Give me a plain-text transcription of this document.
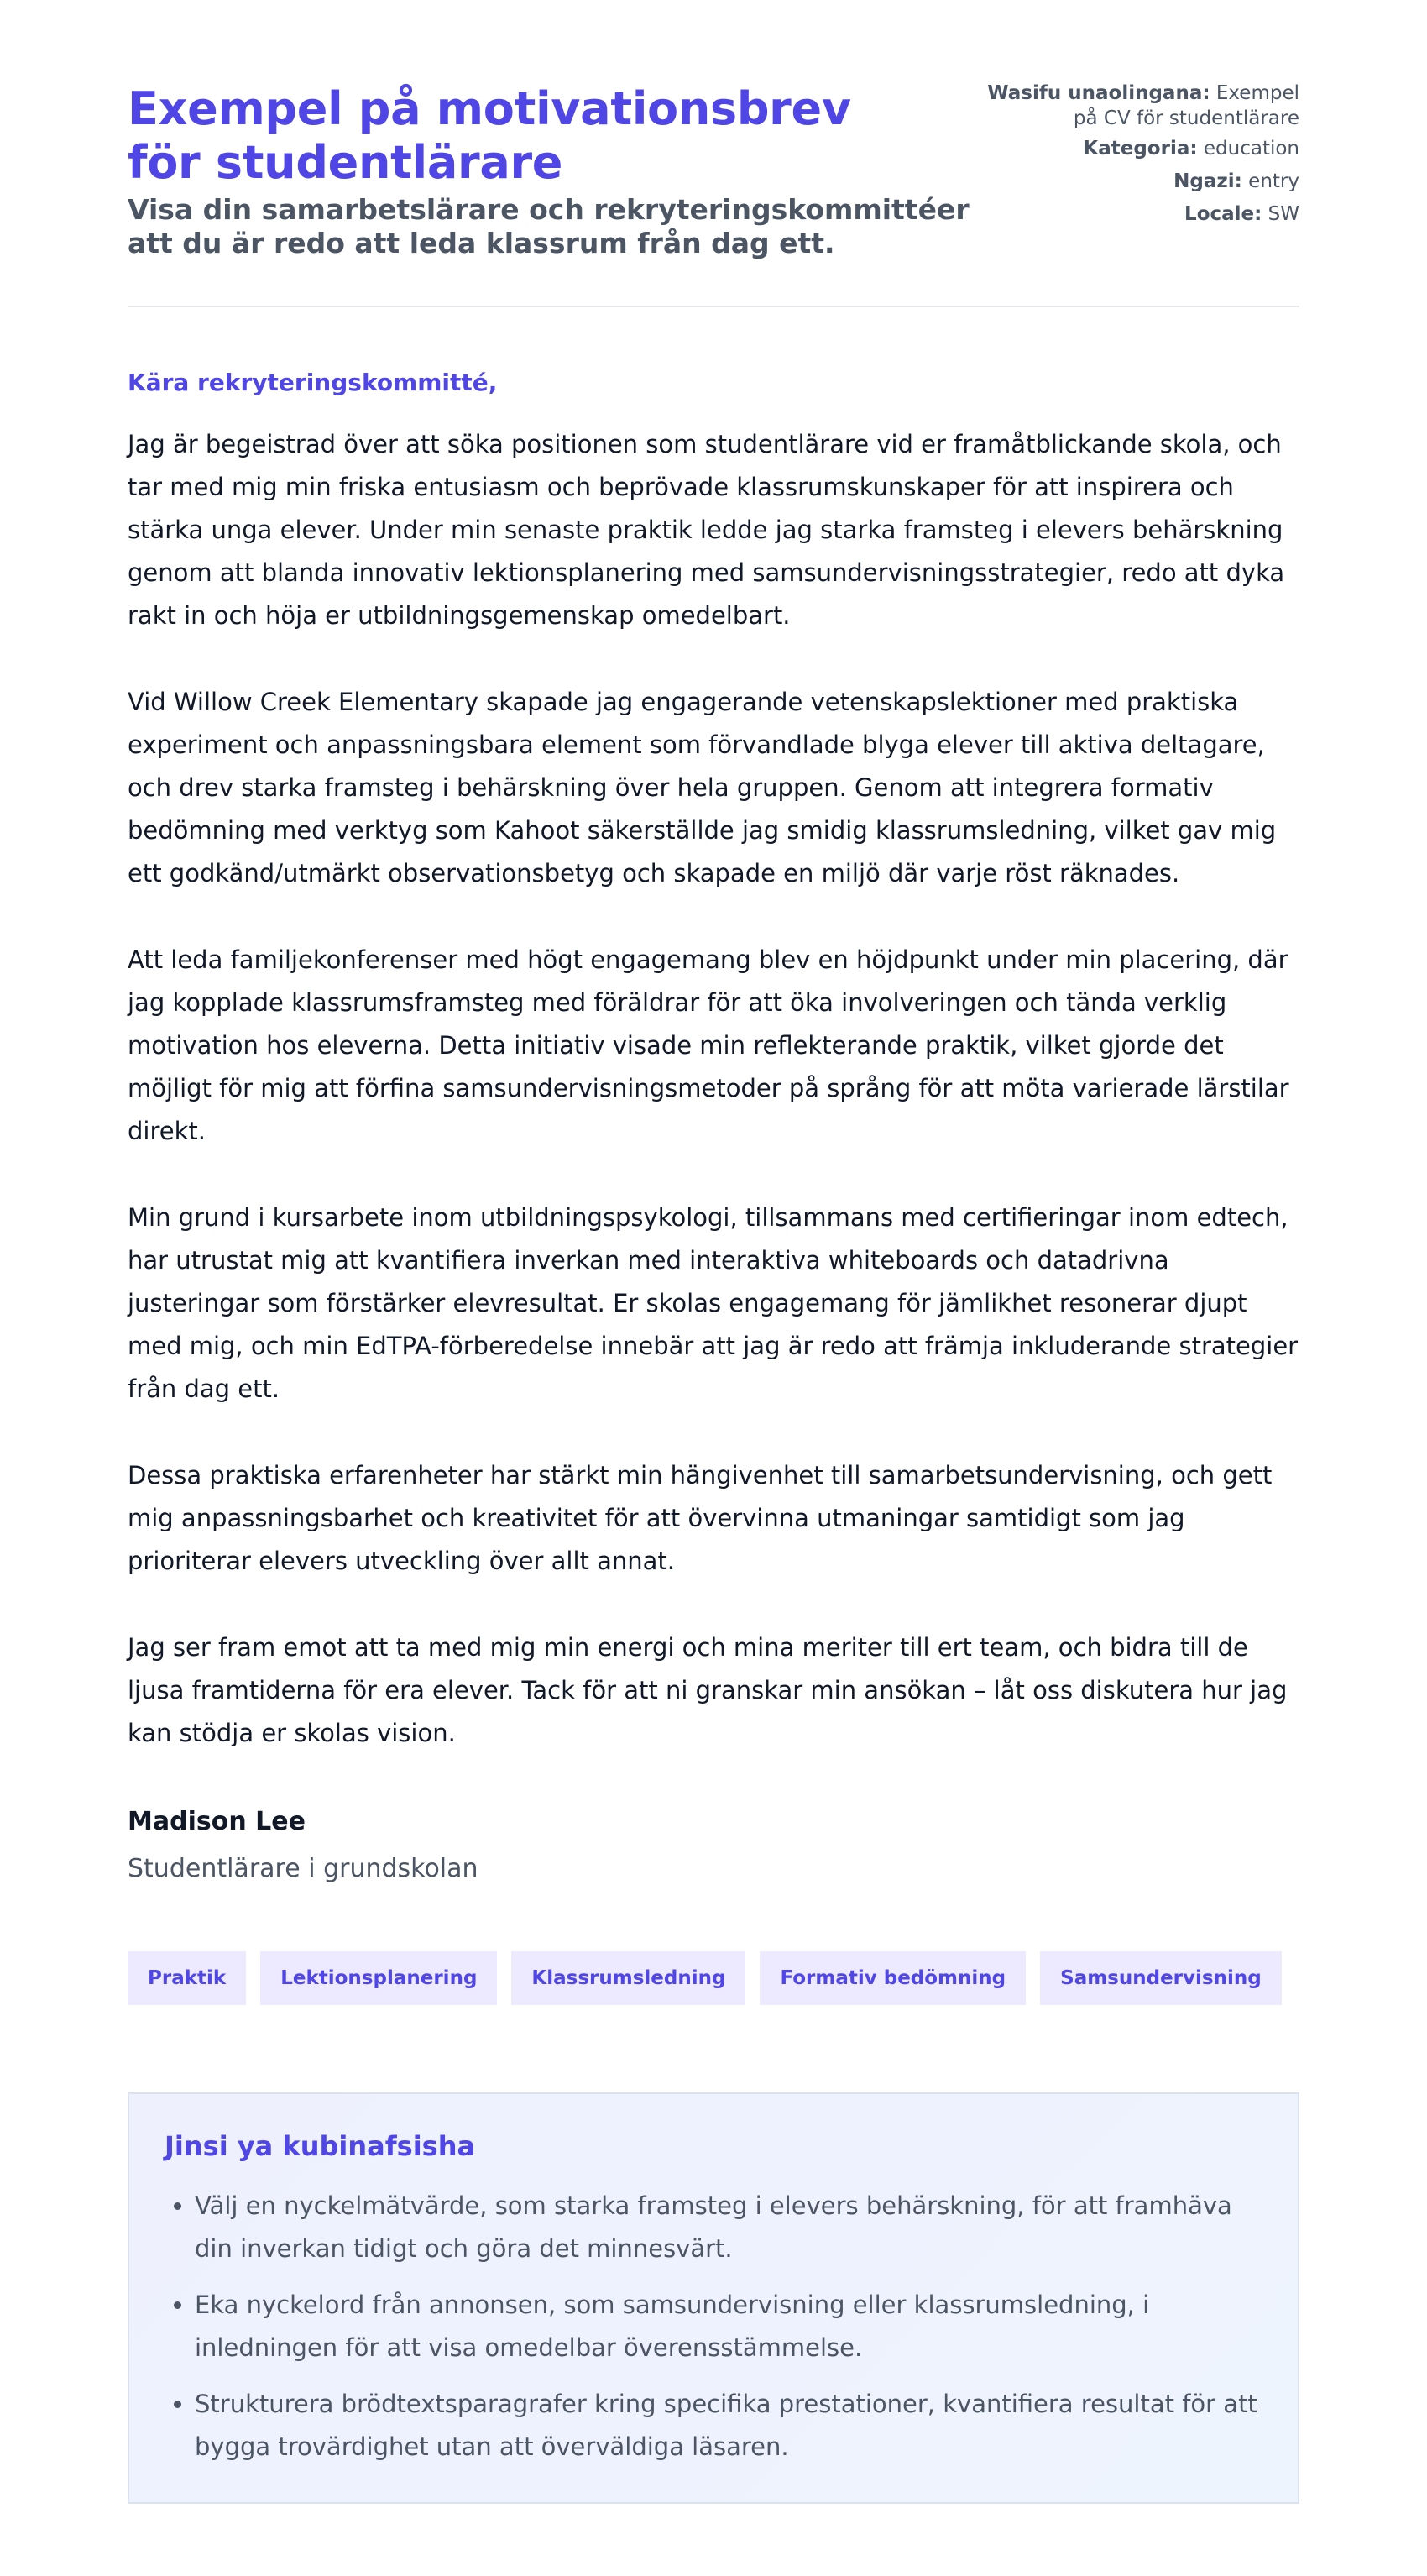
Exempel på motivationsbrev för studentlärare
Visa din samarbetslärare och rekryteringskommittéer att du är redo att leda klassrum från dag ett.
Wasifu unaolingana: Exempel på CV för studentlärare
Kategoria: education
Ngazi: entry
Locale: SW

Kära rekryteringskommitté,

Jag är begeistrad över att söka positionen som studentlärare vid er framåtblickande skola, och tar med mig min friska entusiasm och beprövade klassrumskunskaper för att inspirera och stärka unga elever. Under min senaste praktik ledde jag starka framsteg i elevers behärskning genom att blanda innovativ lektionsplanering med samsundervisningsstrategier, redo att dyka rakt in och höja er utbildningsgemenskap omedelbart.

Vid Willow Creek Elementary skapade jag engagerande vetenskapslektioner med praktiska experiment och anpassningsbara element som förvandlade blyga elever till aktiva deltagare, och drev starka framsteg i behärskning över hela gruppen. Genom att integrera formativ bedömning med verktyg som Kahoot säkerställde jag smidig klassrumsledning, vilket gav mig ett godkänd/utmärkt observationsbetyg och skapade en miljö där varje röst räknades.

Att leda familjekonferenser med högt engagemang blev en höjdpunkt under min placering, där jag kopplade klassrumsframsteg med föräldrar för att öka involveringen och tända verklig motivation hos eleverna. Detta initiativ visade min reflekterande praktik, vilket gjorde det möjligt för mig att förfina samsundervisningsmetoder på språng för att möta varierade lärstilar direkt.

Min grund i kursarbete inom utbildningspsykologi, tillsammans med certifieringar inom edtech, har utrustat mig att kvantifiera inverkan med interaktiva whiteboards och datadrivna justeringar som förstärker elevresultat. Er skolas engagemang för jämlikhet resonerar djupt med mig, och min EdTPA-förberedelse innebär att jag är redo att främja inkluderande strategier från dag ett.

Dessa praktiska erfarenheter har stärkt min hängivenhet till samarbetsundervisning, och gett mig anpassningsbarhet och kreativitet för att övervinna utmaningar samtidigt som jag prioriterar elevers utveckling över allt annat.

Jag ser fram emot att ta med mig min energi och mina meriter till ert team, och bidra till de ljusa framtiderna för era elever. Tack för att ni granskar min ansökan – låt oss diskutera hur jag kan stödja er skolas vision.

Madison Lee

Studentlärare i grundskolan

Praktik	Lektionsplanering	Klassrumsledning	Formativ bedömning	Samsundervisning
Jinsi ya kubinafsisha
• Välj en nyckelmätvärde, som starka framsteg i elevers behärskning, för att framhäva din inverkan tidigt och göra det minnesvärt.
• Eka nyckelord från annonsen, som samsundervisning eller klassrumsledning, i inledningen för att visa omedelbar överensstämmelse.
• Strukturera brödtextsparagrafer kring specifika prestationer, kvantifiera resultat för att bygga trovärdighet utan att överväldiga läsaren.
